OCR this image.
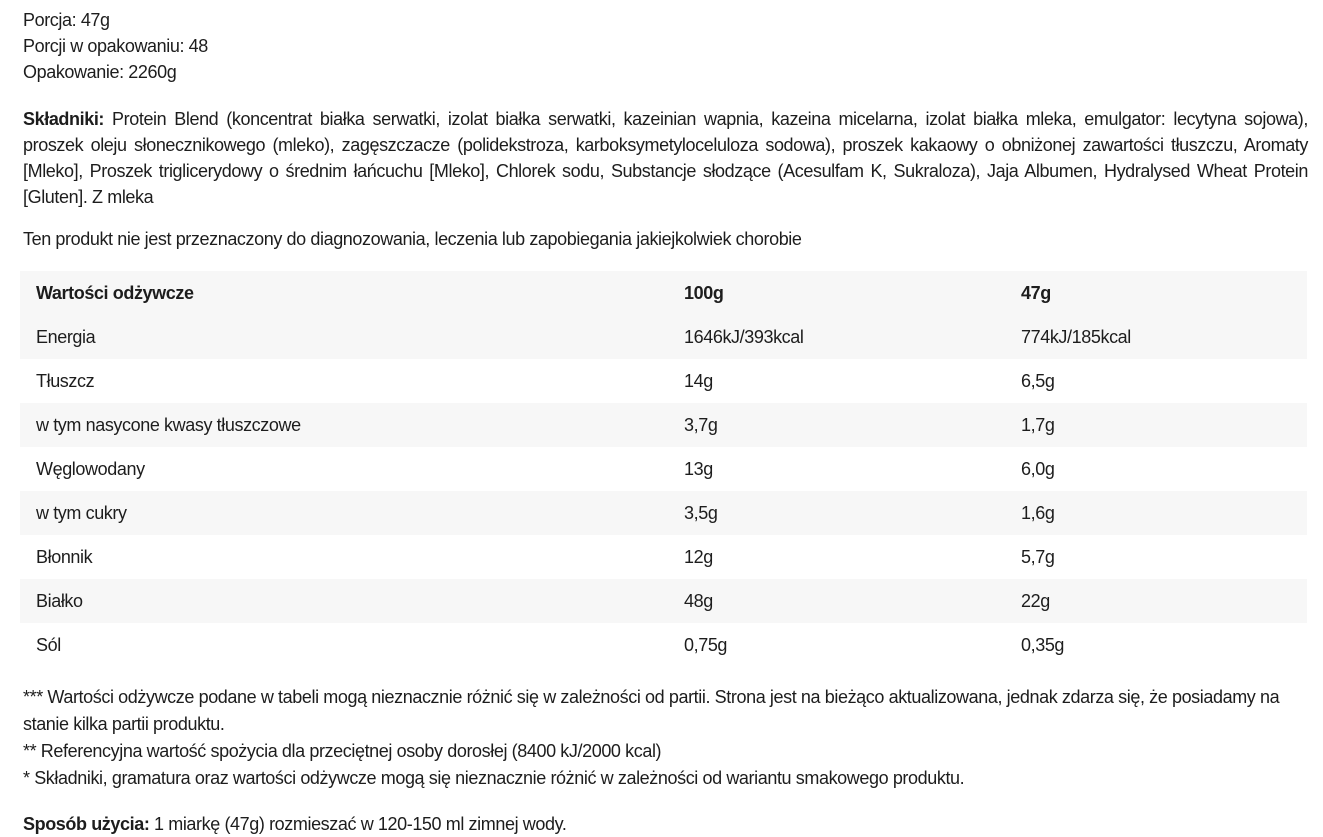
Porcja: 47g
Porcji w opakowaniu: 48
Opakowanie: 2260g

Składniki: Protein Blend (koncentrat białka serwatki, izolat białka serwatki, kazeinian wapnia, kazeina micelarna, izolat białka mleka, emulgator: lecytyna sojowa), proszek oleju słonecznikowego (mleko), zagęszczacze (polidekstroza, karboksymetyloceluloza sodowa), proszek kakaowy o obniżonej zawartości tłuszczu, Aromaty [Mleko], Proszek triglicerydowy o średnim łańcuchu [Mleko], Chlorek sodu, Substancje słodzące (Acesulfam K, Sukraloza), Jaja Albumen, Hydralysed Wheat Protein [Gluten]. Z mleka

Ten produkt nie jest przeznaczony do diagnozowania, leczenia lub zapobiegania jakiejkolwiek chorobie

Wartości odżywcze	100g	47g
Energia	1646kJ/393kcal	774kJ/185kcal
Tłuszcz	14g	6,5g
w tym nasycone kwasy tłuszczowe	3,7g	1,7g
Węglowodany	13g	6,0g
w tym cukry	3,5g	1,6g
Błonnik	12g	5,7g
Białko	48g	22g
Sól	0,75g	0,35g
*** Wartości odżywcze podane w tabeli mogą nieznacznie różnić się w zależności od partii. Strona jest na bieżąco aktualizowana, jednak zdarza się, że posiadamy na stanie kilka partii produktu.
** Referencyjna wartość spożycia dla przeciętnej osoby dorosłej (8400 kJ/2000 kcal)
* Składniki, gramatura oraz wartości odżywcze mogą się nieznacznie różnić w zależności od wariantu smakowego produktu.

Sposób użycia: 1 miarkę (47g) rozmieszać w 120-150 ml zimnej wody.
